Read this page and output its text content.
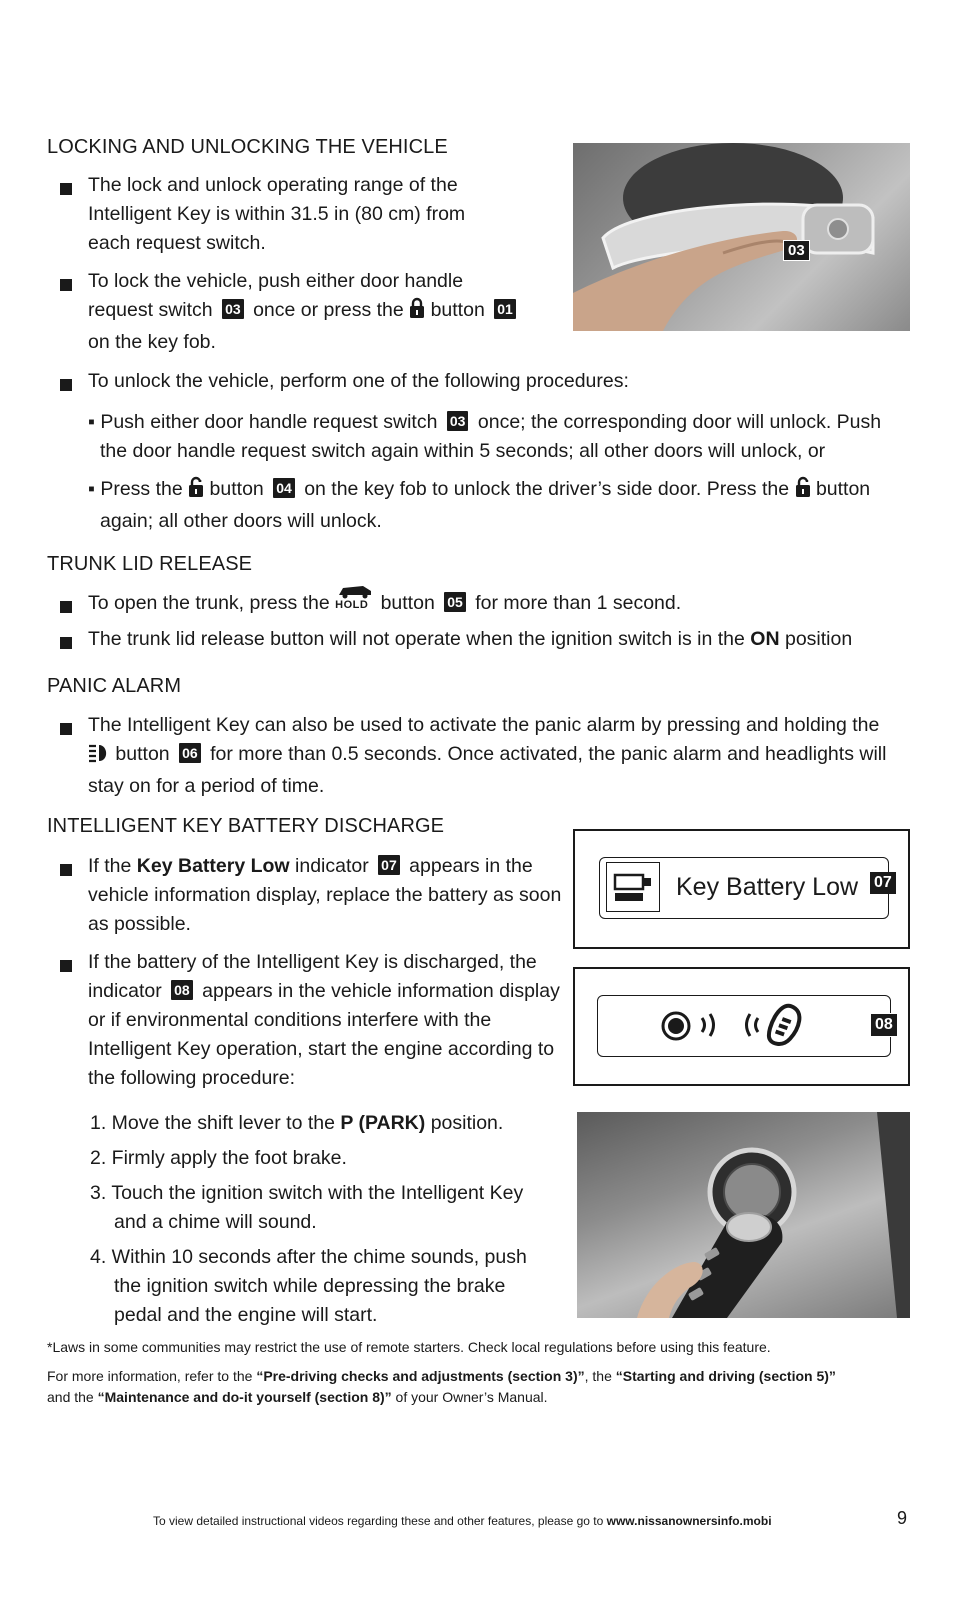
LOCKING AND UNLOCKING THE VEHICLE
The lock and unlock operating range of the
Intelligent Key is within 31.5 in (80 cm) from
each request switch.
To lock the vehicle, push either door handle
request switch 03 once or press the button 01
on the key fob.
03
To unlock the vehicle, perform one of the following procedures:
▪ Push either door handle request switch 03 once; the corresponding door will unlock. Push
the door handle request switch again within 5 seconds; all other doors will unlock, or
▪ Press the button 04 on the key fob to unlock the driver’s side door. Press the button
again; all other doors will unlock.
TRUNK LID RELEASE
To open the trunk, press the HOLD button 05 for more than 1 second.
The trunk lid release button will not operate when the ignition switch is in the ON position
PANIC ALARM
The Intelligent Key can also be used to activate the panic alarm by pressing and holding the
button 06 for more than 0.5 seconds. Once activated, the panic alarm and headlights will
stay on for a period of time.
INTELLIGENT KEY BATTERY DISCHARGE
If the Key Battery Low indicator 07 appears in the
vehicle information display, replace the battery as soon
as possible.
If the battery of the Intelligent Key is discharged, the
indicator 08 appears in the vehicle information display
or if environmental conditions interfere with the
Intelligent Key operation, start the engine according to
the following procedure:
1. Move the shift lever to the P (PARK) position.
2. Firmly apply the foot brake.
3. Touch the ignition switch with the Intelligent Key
and a chime will sound.
4. Within 10 seconds after the chime sounds, push
the ignition switch while depressing the brake
pedal and the engine will start.
Key Battery Low 07
08
*Laws in some communities may restrict the use of remote starters. Check local regulations before using this feature.
For more information, refer to the “Pre-driving checks and adjustments (section 3)”, the “Starting and driving (section 5)”
and the “Maintenance and do-it yourself (section 8)” of your Owner’s Manual.
To view detailed instructional videos regarding these and other features, please go to www.nissanownersinfo.mobi	9
